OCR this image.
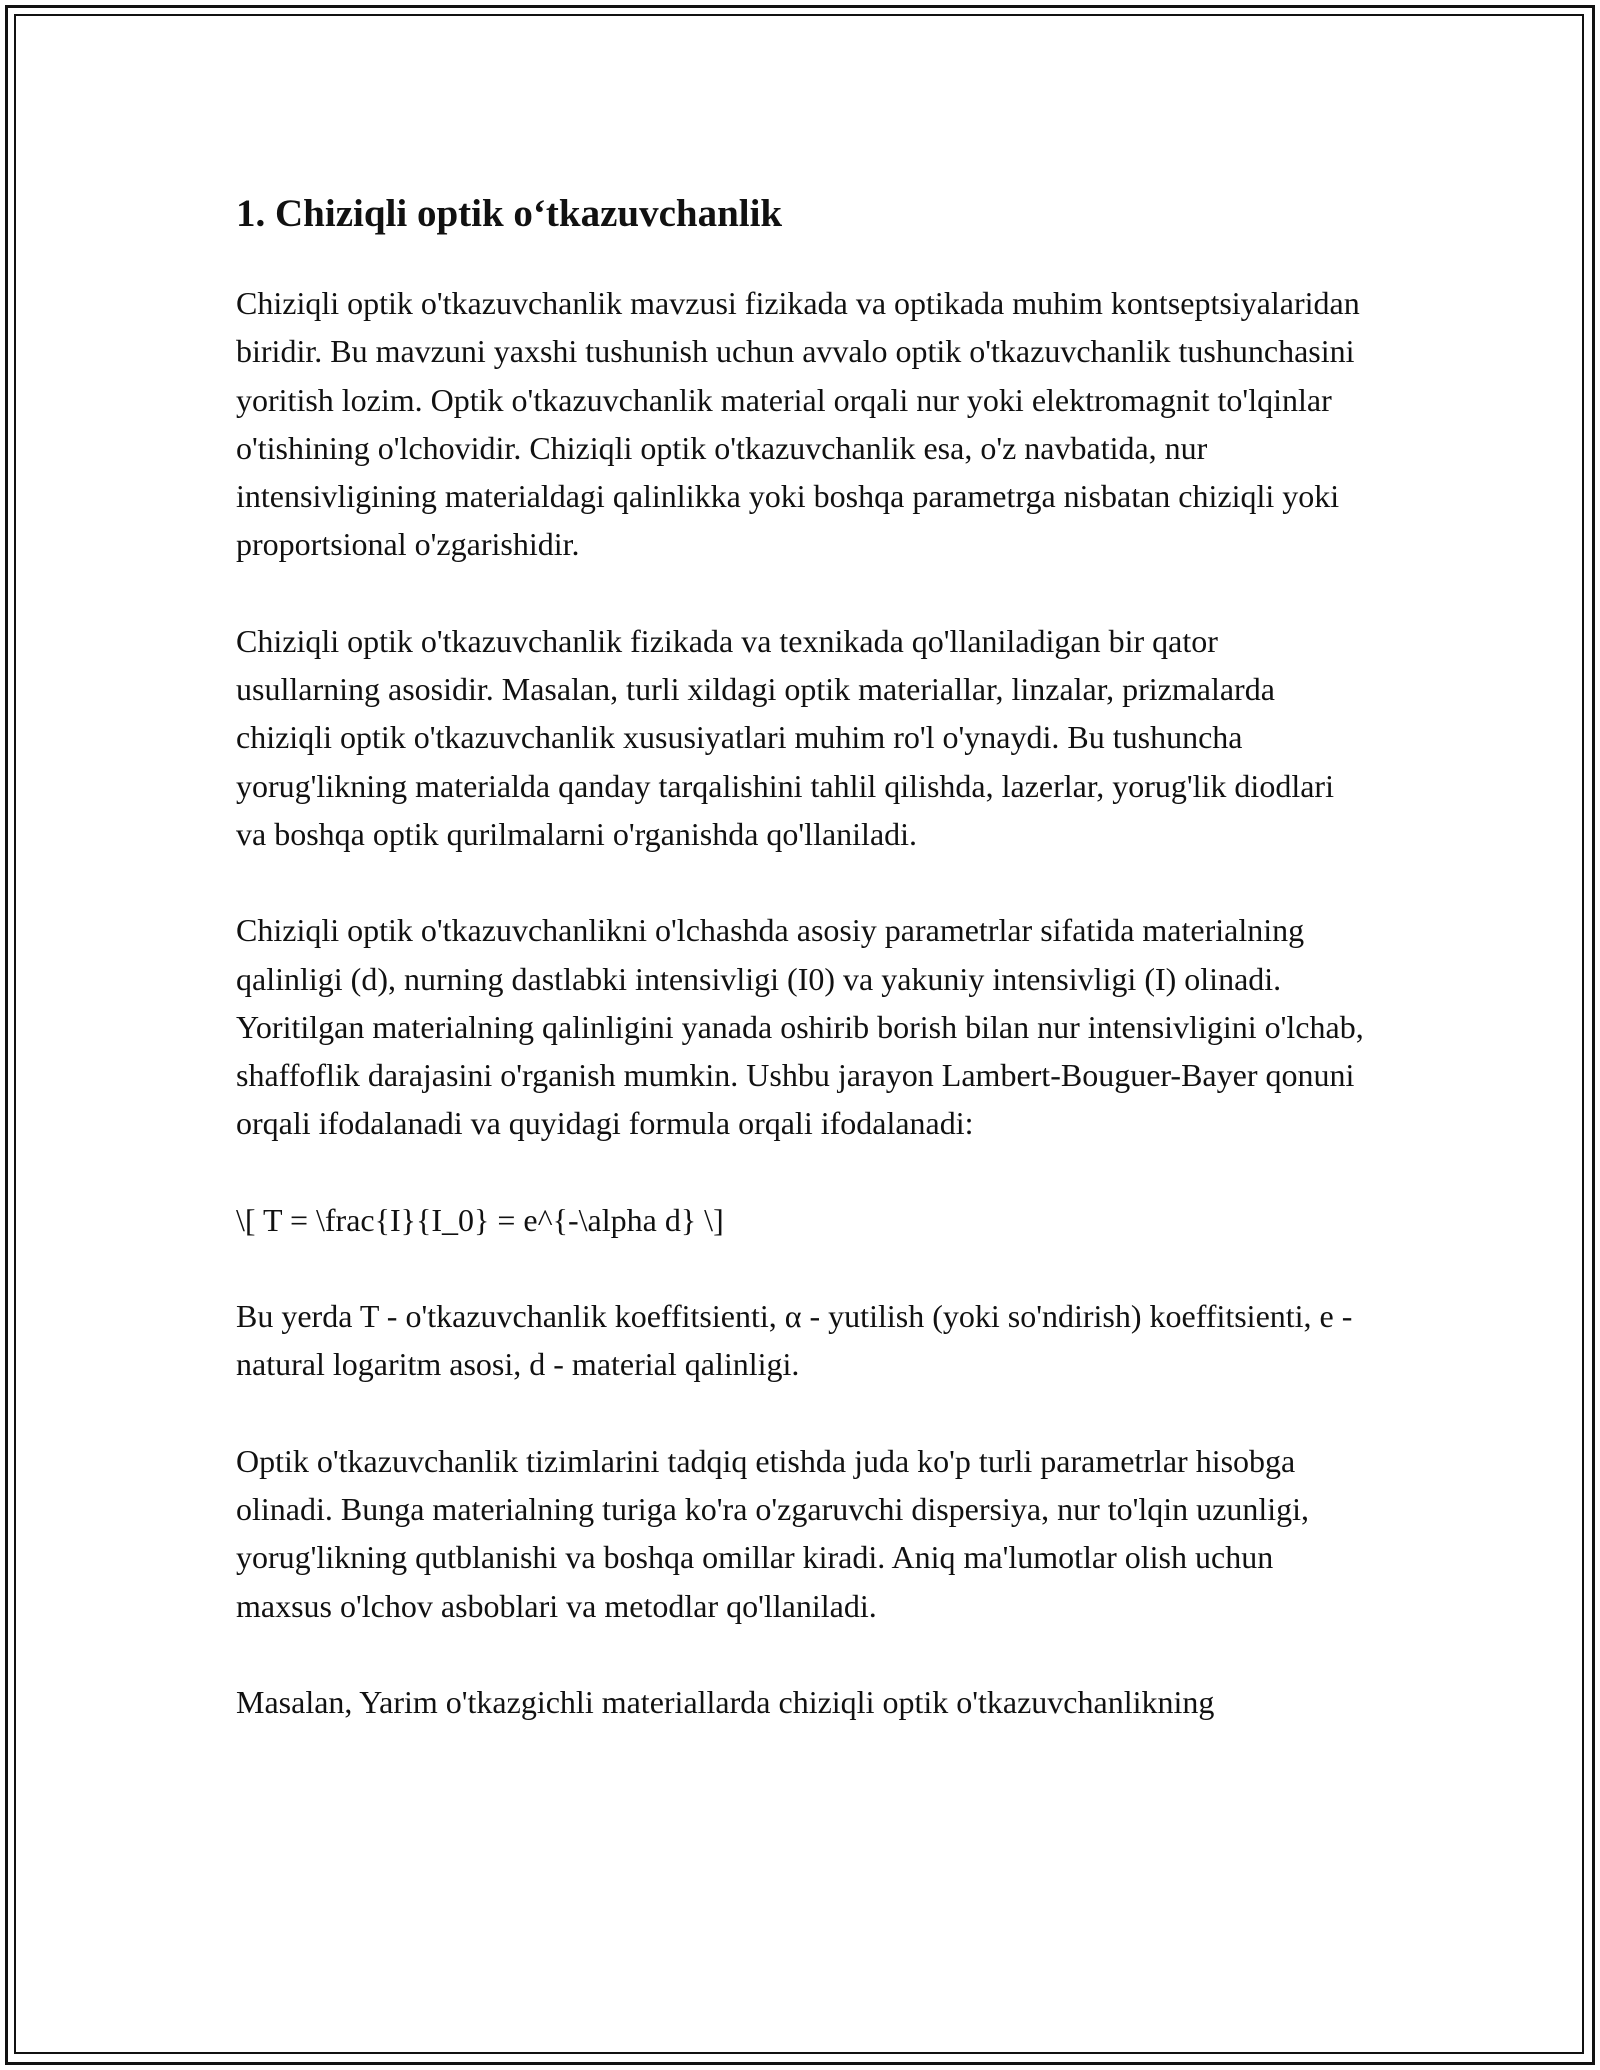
1. Chiziqli optik o‘tkazuvchanlik

Chiziqli optik o'tkazuvchanlik mavzusi fizikada va optikada muhim kontseptsiyalaridan biridir. Bu mavzuni yaxshi tushunish uchun avvalo optik o'tkazuvchanlik tushunchasini yoritish lozim. Optik o'tkazuvchanlik material orqali nur yoki elektromagnit to'lqinlar o'tishining o'lchovidir. Chiziqli optik o'tkazuvchanlik esa, o'z navbatida, nur intensivligining materialdagi qalinlikka yoki boshqa parametrga nisbatan chiziqli yoki proportsional o'zgarishidir.

Chiziqli optik o'tkazuvchanlik fizikada va texnikada qo'llaniladigan bir qator usullarning asosidir. Masalan, turli xildagi optik materiallar, linzalar, prizmalarda chiziqli optik o'tkazuvchanlik xususiyatlari muhim ro'l o'ynaydi. Bu tushuncha yorug'likning materialda qanday tarqalishini tahlil qilishda, lazerlar, yorug'lik diodlari va boshqa optik qurilmalarni o'rganishda qo'llaniladi.

Chiziqli optik o'tkazuvchanlikni o'lchashda asosiy parametrlar sifatida materialning qalinligi (d), nurning dastlabki intensivligi (I0) va yakuniy intensivligi (I) olinadi. Yoritilgan materialning qalinligini yanada oshirib borish bilan nur intensivligini o'lchab, shaffoflik darajasini o'rganish mumkin. Ushbu jarayon Lambert-Bouguer-Bayer qonuni orqali ifodalanadi va quyidagi formula orqali ifodalanadi:

\[ T = \frac{I}{I_0} = e^{-\alpha d} \]

Bu yerda T - o'tkazuvchanlik koeffitsienti, α - yutilish (yoki so'ndirish) koeffitsienti, e - natural logaritm asosi, d - material qalinligi.

Optik o'tkazuvchanlik tizimlarini tadqiq etishda juda ko'p turli parametrlar hisobga olinadi. Bunga materialning turiga ko'ra o'zgaruvchi dispersiya, nur to'lqin uzunligi, yorug'likning qutblanishi va boshqa omillar kiradi. Aniq ma'lumotlar olish uchun maxsus o'lchov asboblari va metodlar qo'llaniladi.

Masalan, Yarim o'tkazgichli materiallarda chiziqli optik o'tkazuvchanlikning
